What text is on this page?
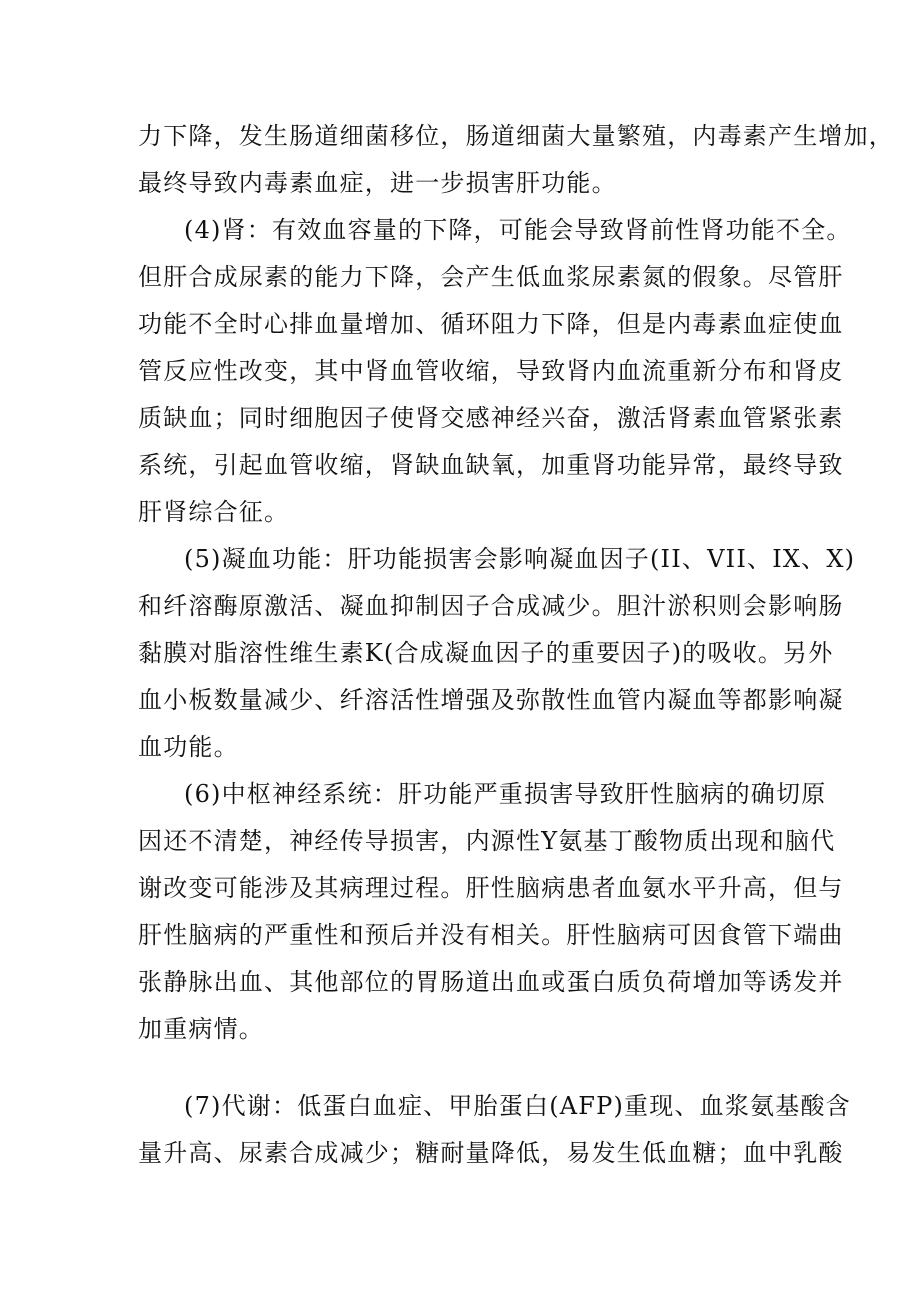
力下降，发生肠道细菌移位，肠道细菌大量繁殖，内毒素产生增加，
最终导致内毒素血症，进一步损害肝功能。
(4)肾：有效血容量的下降，可能会导致肾前性肾功能不全。
但肝合成尿素的能力下降，会产生低血浆尿素氮的假象。尽管肝
功能不全时心排血量增加、循环阻力下降，但是内毒素血症使血
管反应性改变，其中肾血管收缩，导致肾内血流重新分布和肾皮
质缺血；同时细胞因子使肾交感神经兴奋，激活肾素血管紧张素
系统，引起血管收缩，肾缺血缺氧，加重肾功能异常，最终导致
肝肾综合征。
(5)凝血功能：肝功能损害会影响凝血因子(II、VII、IX、X)
和纤溶酶原激活、凝血抑制因子合成减少。胆汁淤积则会影响肠
黏膜对脂溶性维生素K(合成凝血因子的重要因子)的吸收。另外
血小板数量减少、纤溶活性增强及弥散性血管内凝血等都影响凝
血功能。
(6)中枢神经系统：肝功能严重损害导致肝性脑病的确切原
因还不清楚，神经传导损害，内源性Y氨基丁酸物质出现和脑代
谢改变可能涉及其病理过程。肝性脑病患者血氨水平升高，但与
肝性脑病的严重性和预后并没有相关。肝性脑病可因食管下端曲
张静脉出血、其他部位的胃肠道出血或蛋白质负荷增加等诱发并
加重病情。
(7)代谢：低蛋白血症、甲胎蛋白(AFP)重现、血浆氨基酸含
量升高、尿素合成减少；糖耐量降低，易发生低血糖；血中乳酸
